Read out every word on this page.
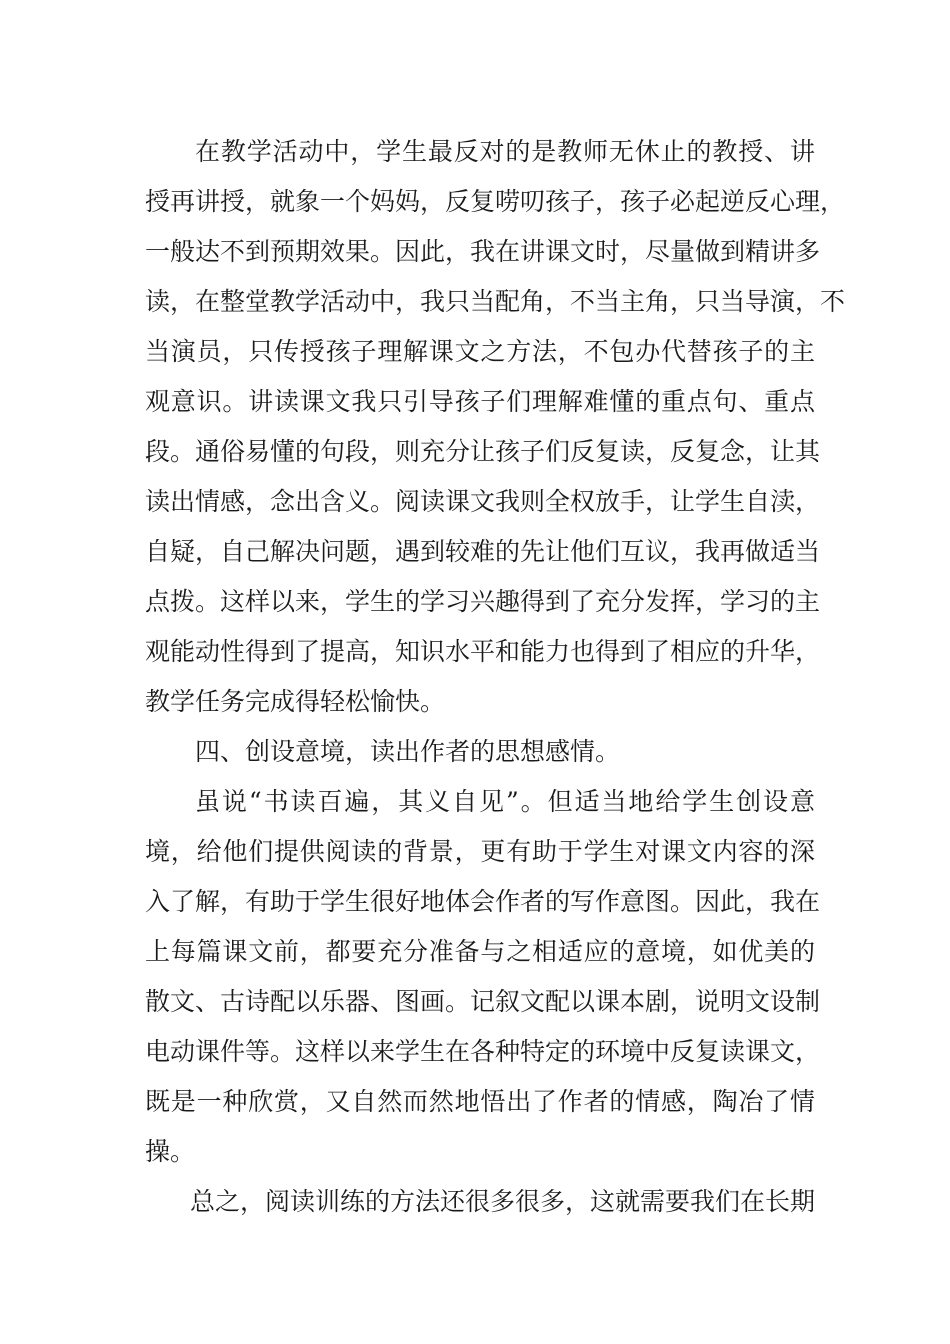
在教学活动中，学生最反对的是教师无休止的教授、讲
授再讲授，就象一个妈妈，反复唠叨孩子，孩子必起逆反心理，
一般达不到预期效果。因此，我在讲课文时，尽量做到精讲多
读，在整堂教学活动中，我只当配角，不当主角，只当导演，不
当演员，只传授孩子理解课文之方法，不包办代替孩子的主
观意识。讲读课文我只引导孩子们理解难懂的重点句、重点
段。通俗易懂的句段，则充分让孩子们反复读，反复念，让其
读出情感，念出含义。阅读课文我则全权放手，让学生自渎，
自疑，自己解决问题，遇到较难的先让他们互议，我再做适当
点拨。这样以来，学生的学习兴趣得到了充分发挥，学习的主
观能动性得到了提高，知识水平和能力也得到了相应的升华，
教学任务完成得轻松愉快。
四、创设意境，读出作者的思想感情。
虽说“书读百遍，其义自见”。但适当地给学生创设意
境，给他们提供阅读的背景，更有助于学生对课文内容的深
入了解，有助于学生很好地体会作者的写作意图。因此，我在
上每篇课文前，都要充分准备与之相适应的意境，如优美的
散文、古诗配以乐器、图画。记叙文配以课本剧，说明文设制
电动课件等。这样以来学生在各种特定的环境中反复读课文，
既是一种欣赏，又自然而然地悟出了作者的情感，陶冶了情
操。
总之，阅读训练的方法还很多很多，这就需要我们在长期
